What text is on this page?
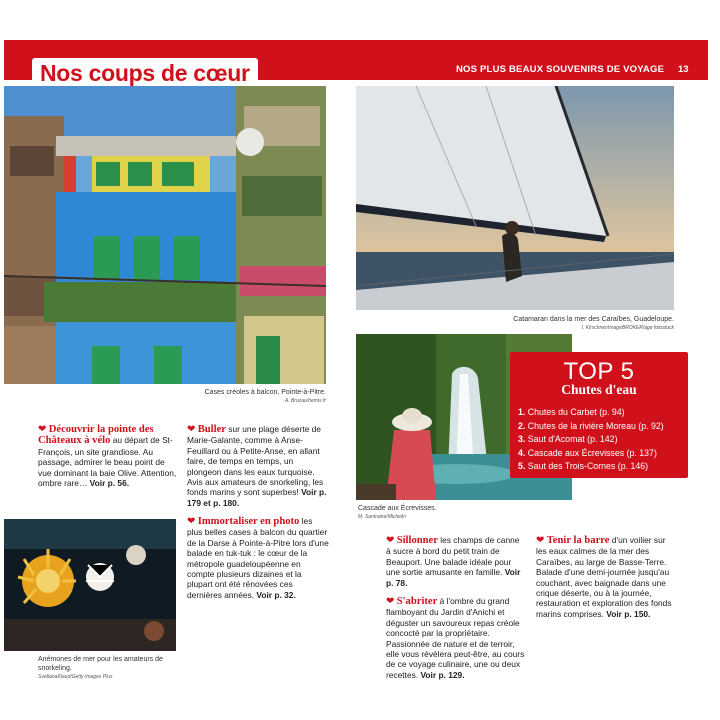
Nos coups de cœur	NOS PLUS BEAUX SOUVENIRS DE VOYAGE 13
Cases créoles à balcon, Pointe-à-Pitre.
A. Bruzau/hemis.fr
Catamaran dans la mer des Caraïbes, Guadeloupe.
I. Kirschner/imageBROKER/age fotostock
Cascade aux Écrevisses.
M. Santraine/Michelin
TOP 5
Chutes d'eau
1. Chutes du Carbet (p. 94)
2. Chutes de la rivière Moreau (p. 92)
3. Saut d'Acomat (p. 142)
4. Cascade aux Écrevisses (p. 137)
5. Saut des Trois-Cornes (p. 146)
Anémones de mer pour les amateurs de snorkeling.
SvetlanaKlaud/Getty Images Plus
❤ Découvrir la pointe des Châteaux à vélo au départ de St-François, un site grandiose. Au passage, admirer le beau point de vue dominant la baie Olive. Attention, ombre rare… Voir p. 56.
❤ Buller sur une plage déserte de Marie-Galante, comme à Anse-Feuillard ou à Petite-Anse, en allant faire, de temps en temps, un plongeon dans les eaux turquoise. Avis aux amateurs de snorkeling, les fonds marins y sont superbes! Voir p. 179 et p. 180.
❤ Immortaliser en photo les plus belles cases à balcon du quartier de la Darse à Pointe-à-Pitre lors d'une balade en tuk-tuk : le cœur de la métropole guadeloupéenne en compte plusieurs dizaines et la plupart ont été rénovées ces dernières années. Voir p. 32.
❤ Sillonner les champs de canne à sucre à bord du petit train de Beauport. Une balade idéale pour une sortie amusante en famille. Voir p. 78.
❤ S'abriter à l'ombre du grand flamboyant du Jardin d'Anichi et déguster un savoureux repas créole concocté par la propriétaire. Passionnée de nature et de terroir, elle vous révèlera peut-être, au cours de ce voyage culinaire, une ou deux recettes. Voir p. 129.
❤ Tenir la barre d'un voilier sur les eaux calmes de la mer des Caraïbes, au large de Basse-Terre. Balade d'une demi-journée jusqu'au couchant, avec baignade dans une crique déserte, ou à la journée, restauration et exploration des fonds marins comprises. Voir p. 150.
